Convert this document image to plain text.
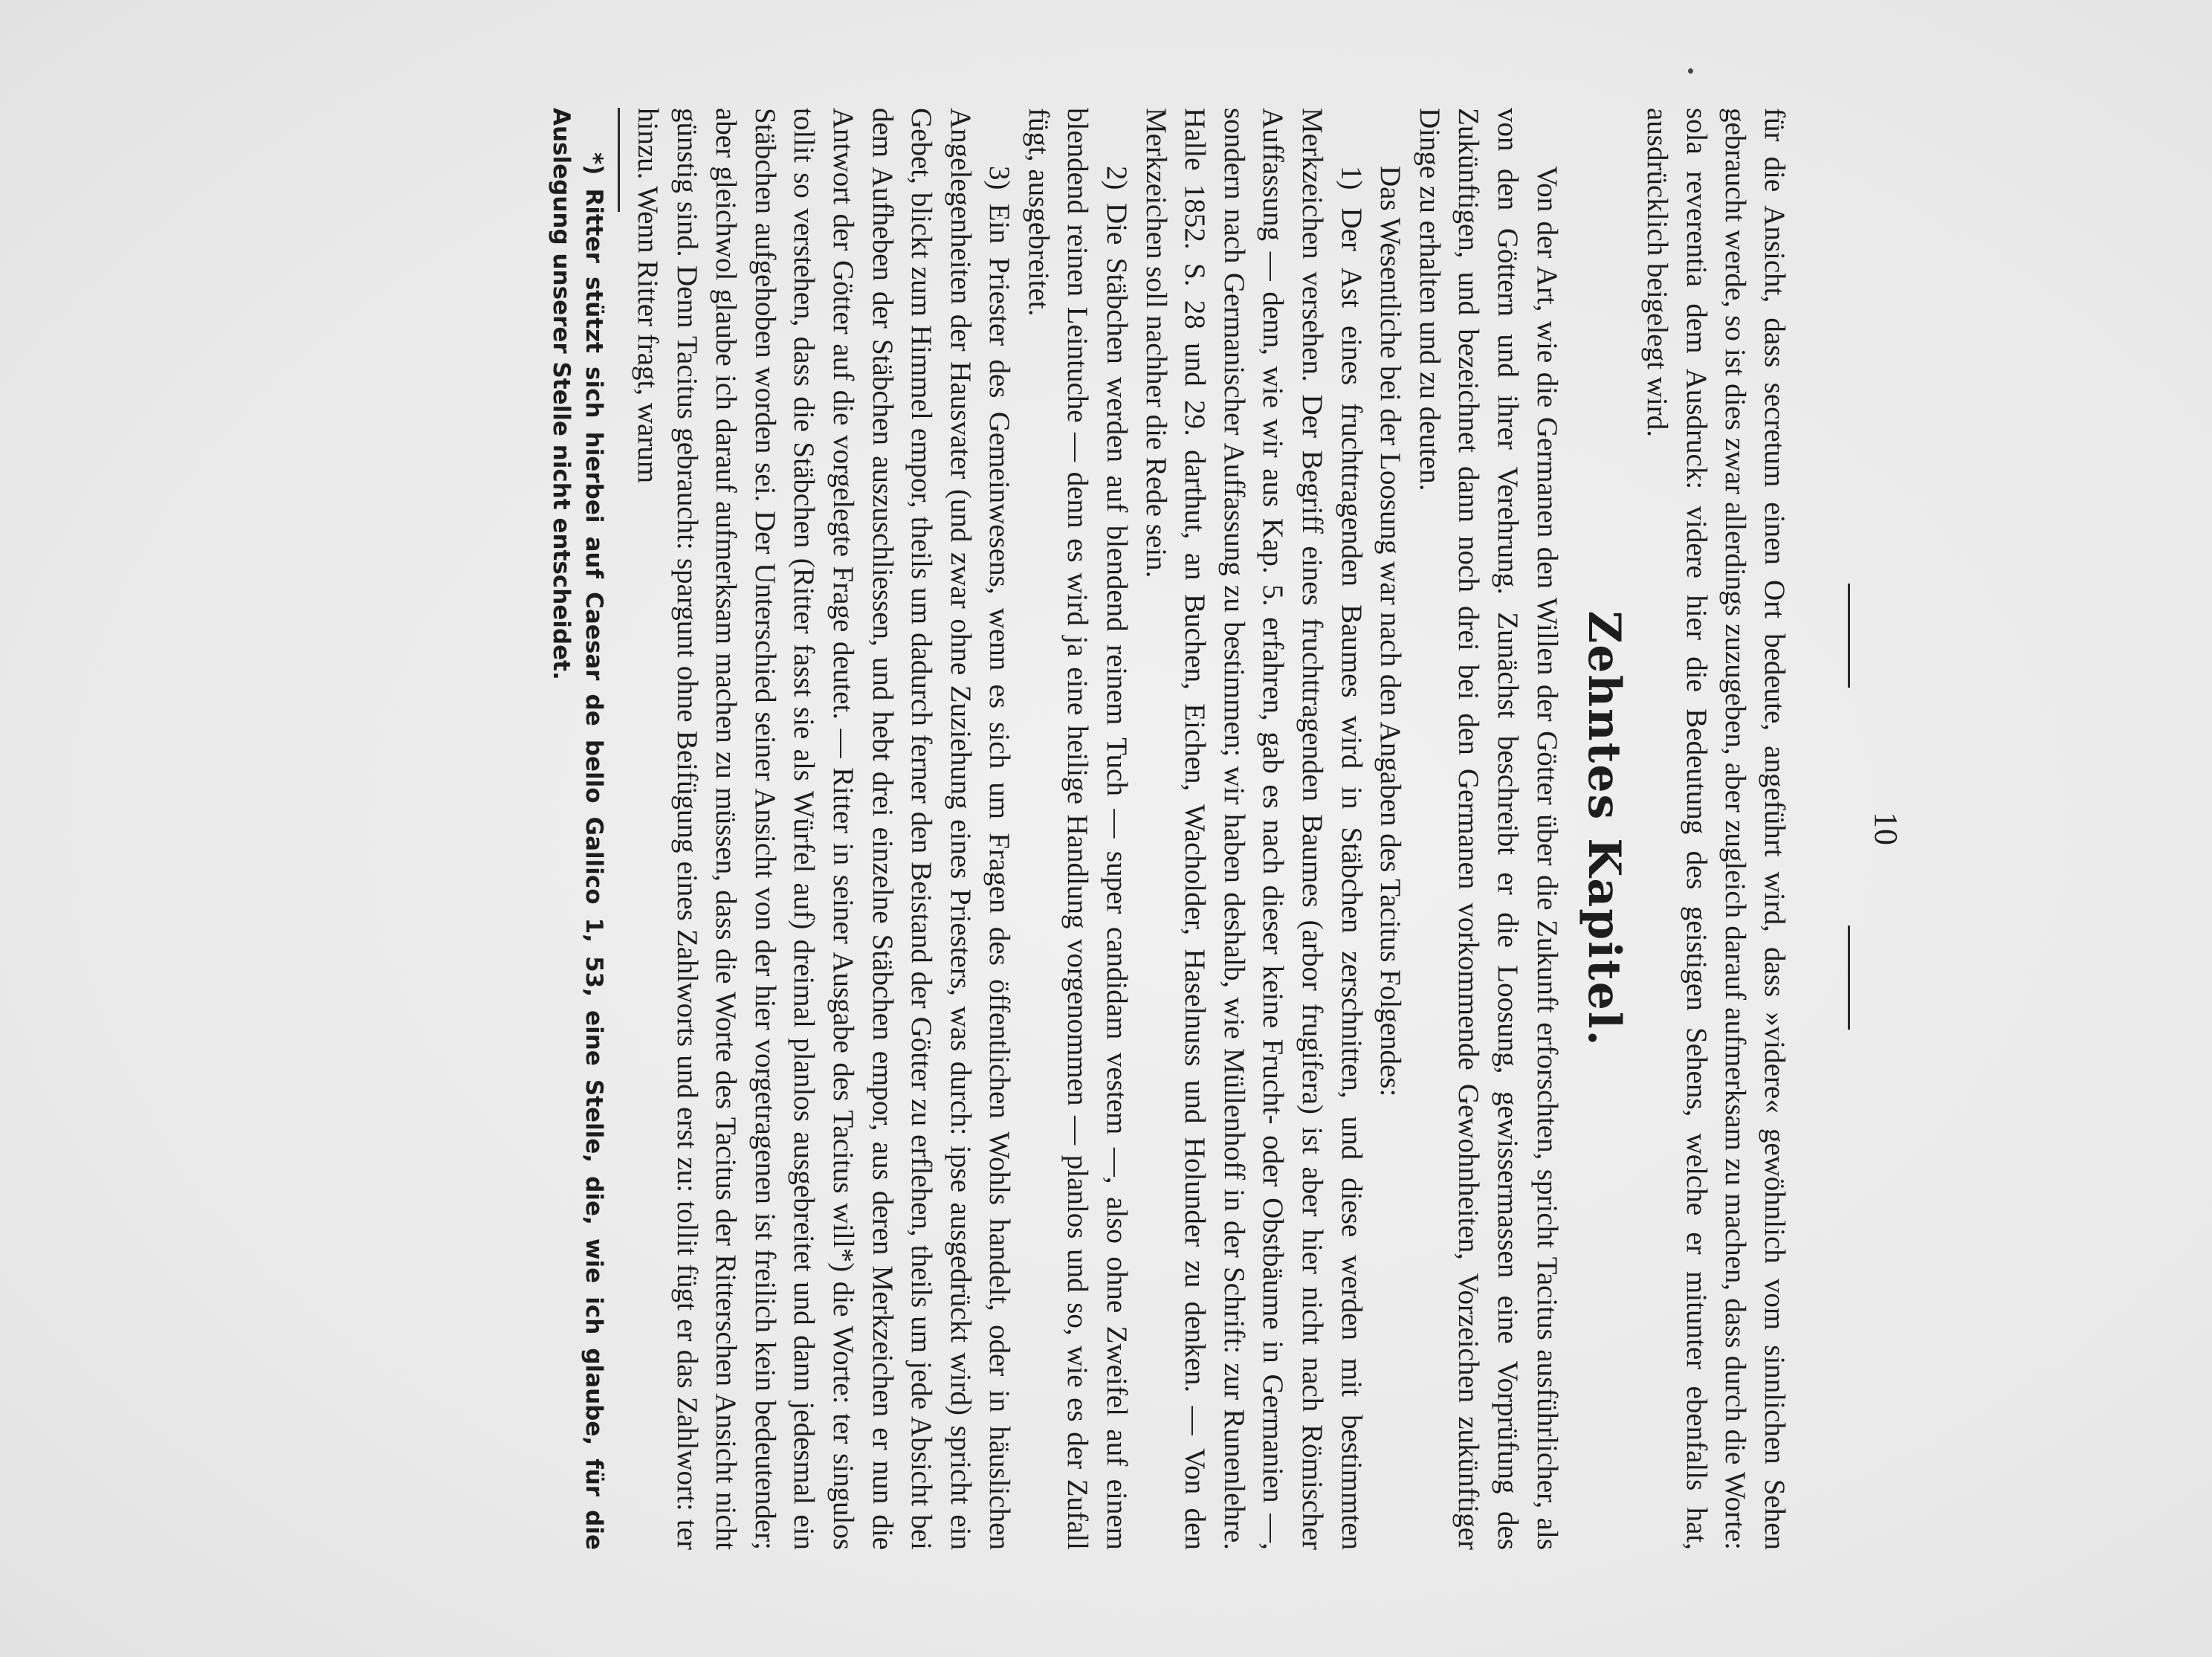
10

für die Ansicht, dass secretum einen Ort bedeute, angeführt wird, dass »videre« gewöhnlich vom sinnlichen Sehen gebraucht werde, so ist dies zwar allerdings zuzugeben, aber zugleich darauf aufmerksam zu machen, dass durch die Worte: sola reverentia dem Ausdruck: videre hier die Bedeutung des geistigen Sehens, welche er mitunter ebenfalls hat, ausdrücklich beigelegt wird.

Zehntes Kapitel.

Von der Art, wie die Germanen den Willen der Götter über die Zukunft erforschten, spricht Tacitus ausführlicher, als von den Göttern und ihrer Verehrung. Zunächst beschreibt er die Loosung, gewissermassen eine Vorprüfung des Zukünftigen, und bezeichnet dann noch drei bei den Germanen vorkommende Gewohnheiten, Vorzeichen zukünftiger Dinge zu erhalten und zu deuten.

Das Wesentliche bei der Loosung war nach den Angaben des Tacitus Folgendes:

1) Der Ast eines fruchttragenden Baumes wird in Stäbchen zerschnitten, und diese werden mit bestimmten Merkzeichen versehen. Der Begriff eines fruchttragenden Baumes (arbor frugifera) ist aber hier nicht nach Römischer Auffassung — denn, wie wir aus Kap. 5. erfahren, gab es nach dieser keine Frucht- oder Obstbäume in Germanien —, sondern nach Germanischer Auffassung zu bestimmen; wir haben deshalb, wie Müllenhoff in der Schrift: zur Runenlehre. Halle 1852. S. 28 und 29. darthut, an Buchen, Eichen, Wacholder, Haselnuss und Holunder zu denken. — Von den Merkzeichen soll nachher die Rede sein.

2) Die Stäbchen werden auf blendend reinem Tuch — super candidam vestem —, also ohne Zweifel auf einem blendend reinen Leintuche — denn es wird ja eine heilige Handlung vorgenommen — planlos und so, wie es der Zufall fügt, ausgebreitet.

3) Ein Priester des Gemeinwesens, wenn es sich um Fragen des öffentlichen Wohls handelt, oder in häuslichen Angelegenheiten der Hausvater (und zwar ohne Zuziehung eines Priesters, was durch: ipse ausgedrückt wird) spricht ein Gebet, blickt zum Himmel empor, theils um dadurch ferner den Beistand der Götter zu erflehen, theils um jede Absicht bei dem Aufheben der Stäbchen auszuschliessen, und hebt drei einzelne Stäbchen empor, aus deren Merkzeichen er nun die Antwort der Götter auf die vorgelegte Frage deutet. — Ritter in seiner Ausgabe des Tacitus will*) die Worte: ter singulos tollit so verstehen, dass die Stäbchen (Ritter fasst sie als Würfel auf) dreimal planlos ausgebreitet und dann jedesmal ein Stäbchen aufgehoben worden sei. Der Unterschied seiner Ansicht von der hier vorgetragenen ist freilich kein bedeutender; aber gleichwol glaube ich darauf aufmerksam machen zu müssen, dass die Worte des Tacitus der Ritterschen Ansicht nicht günstig sind. Denn Tacitus gebraucht: spargunt ohne Beifügung eines Zahlworts und erst zu: tollit fügt er das Zahlwort: ter hinzu. Wenn Ritter fragt, warum

*) Ritter stützt sich hierbei auf Caesar de bello Gallico 1, 53, eine Stelle, die, wie ich glaube, für die Auslegung unserer Stelle nicht entscheidet.
